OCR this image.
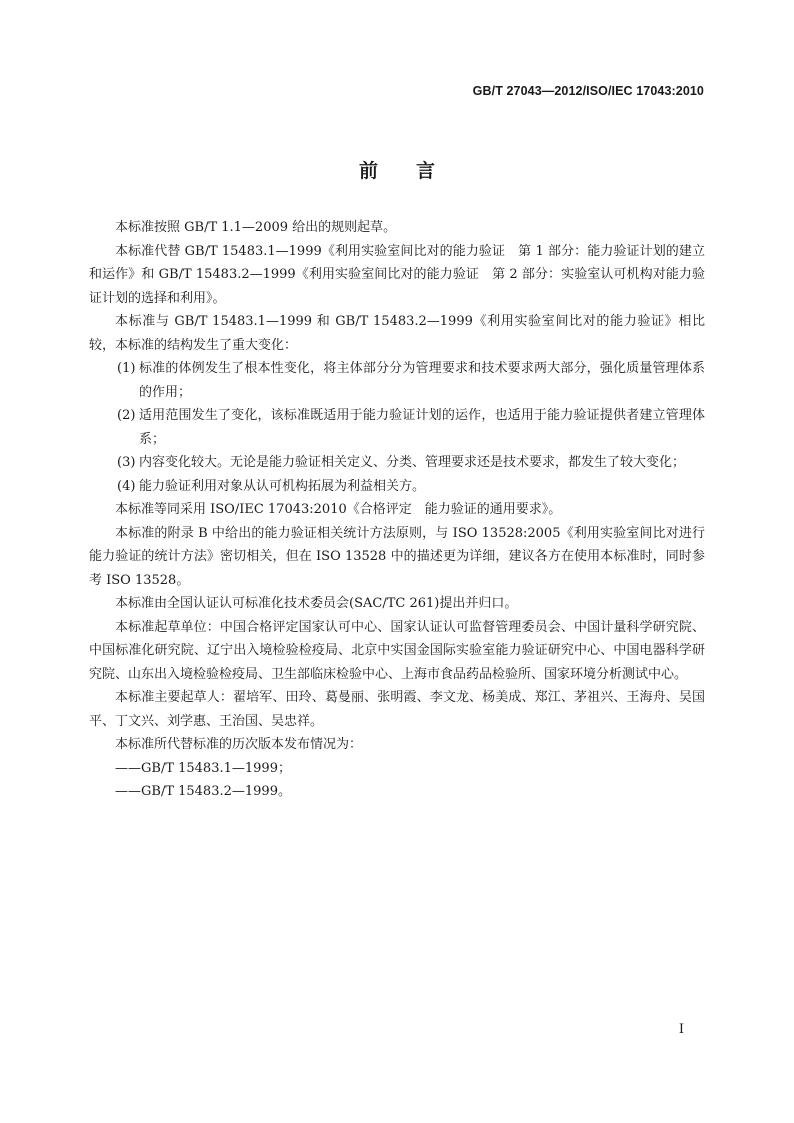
GB/T 27043—2012/ISO/IEC 17043:2010
前言

本标准按照 GB/T 1.1—2009 给出的规则起草。

本标准代替 GB/T 15483.1—1999《利用实验室间比对的能力验证　第 1 部分：能力验证计划的建立和运作》和 GB/T 15483.2—1999《利用实验室间比对的能力验证　第 2 部分：实验室认可机构对能力验证计划的选择和利用》。

本标准与 GB/T 15483.1—1999 和 GB/T 15483.2—1999《利用实验室间比对的能力验证》相比较，本标准的结构发生了重大变化：

(1) 标准的体例发生了根本性变化，将主体部分分为管理要求和技术要求两大部分，强化质量管理体系的作用；
(2) 适用范围发生了变化，该标准既适用于能力验证计划的运作，也适用于能力验证提供者建立管理体系；
(3) 内容变化较大。无论是能力验证相关定义、分类、管理要求还是技术要求，都发生了较大变化；
(4) 能力验证利用对象从认可机构拓展为利益相关方。

本标准等同采用 ISO/IEC 17043:2010《合格评定　能力验证的通用要求》。

本标准的附录 B 中给出的能力验证相关统计方法原则，与 ISO 13528:2005《利用实验室间比对进行能力验证的统计方法》密切相关，但在 ISO 13528 中的描述更为详细，建议各方在使用本标准时，同时参考 ISO 13528。

本标准由全国认证认可标准化技术委员会(SAC/TC 261)提出并归口。

本标准起草单位：中国合格评定国家认可中心、国家认证认可监督管理委员会、中国计量科学研究院、中国标准化研究院、辽宁出入境检验检疫局、北京中实国金国际实验室能力验证研究中心、中国电器科学研究院、山东出入境检验检疫局、卫生部临床检验中心、上海市食品药品检验所、国家环境分析测试中心。

本标准主要起草人：翟培军、田玲、葛曼丽、张明霞、李文龙、杨美成、郑江、茅祖兴、王海舟、吴国平、丁文兴、刘学惠、王治国、吴忠祥。

本标准所代替标准的历次版本发布情况为：

——GB/T 15483.1—1999；

——GB/T 15483.2—1999。

I
